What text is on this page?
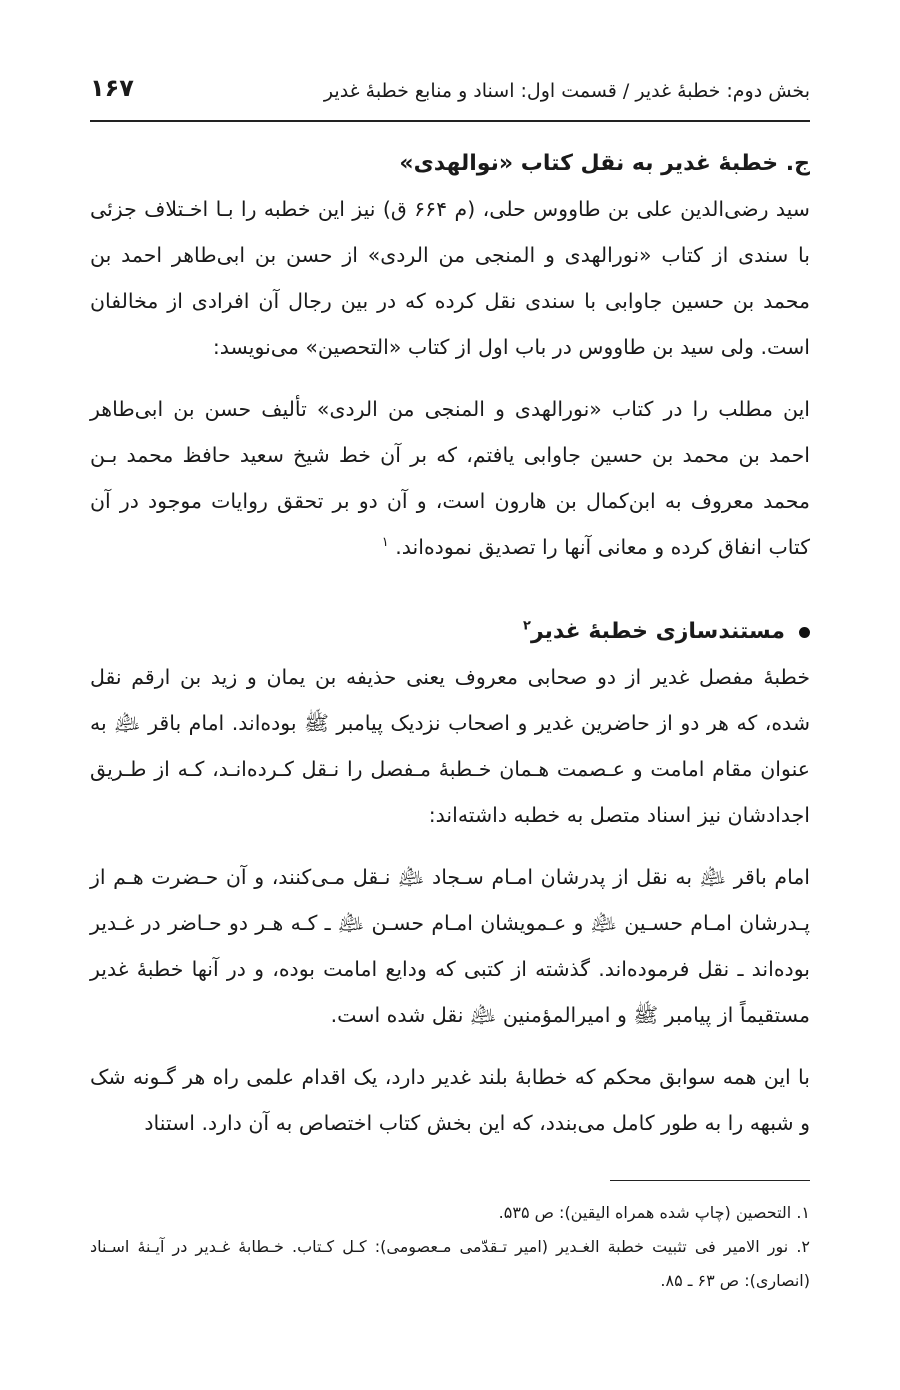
بخش دوم: خطبهٔ غدیر / قسمت اول: اسناد و منابع خطبهٔ غدیر
۱۶۷

ج. خطبهٔ غدیر به نقل کتاب «نوالهدی»

سید رضی‌الدین علی بن طاووس حلی، (م ۶۶۴ ق) نیز این خطبه را بـا اخـتلاف جزئی با سندی از کتاب «نورالهدی و المنجی من الردی» از حسن بن ابی‌طاهر احمد بن محمد بن حسین جاوابی با سندی نقل کرده که در بین رجال آن افرادی از مخالفان است. ولی سید بن طاووس در باب اول از کتاب «التحصین» می‌نویسد:

این مطلب را در کتاب «نورالهدی و المنجی من الردی» تألیف حسن بن ابی‌طاهر احمد بن محمد بن حسین جاوابی یافتم، که بر آن خط شیخ سعید حافظ محمد بـن محمد معروف به ابن‌کمال بن هارون است، و آن دو بر تحقق روایات موجود در آن کتاب انفاق کرده و معانی آنها را تصدیق نموده‌اند. $^۱$

مستندسازی خطبهٔ غدیر$^۲$

خطبهٔ مفصل غدیر از دو صحابی معروف یعنی حذیفه بن یمان و زید بن ارقم نقل شده، که هر دو از حاضرین غدیر و اصحاب نزدیک پیامبر ﷺ بوده‌اند. امام باقر ﵇ به عنوان مقام امامت و عـصمت هـمان خـطبهٔ مـفصل را نـقل کـرده‌انـد، کـه از طـریق اجدادشان نیز اسناد متصل به خطبه داشته‌اند:

امام باقر ﵇ به نقل از پدرشان امـام سـجاد ﵇ نـقل مـی‌کنند، و آن حـضرت هـم از پـدرشان امـام حسـین ﵇ و عـمویشان امـام حسـن ﵇ ـ کـه هـر دو حـاضر در غـدیر بوده‌اند ـ نقل فرموده‌اند. گذشته از کتبی که ودایع امامت بوده، و در آنها خطبهٔ غدیر مستقیماً از پیامبر ﷺ و امیرالمؤمنین ﵇ نقل شده است.

با این همه سوابق محکم که خطابهٔ بلند غدیر دارد، یک اقدام علمی راه هر گـونه شک و شبهه را به طور کامل می‌بندد، که این بخش کتاب اختصاص به آن دارد. استناد

۱. التحصین (چاپ شده همراه الیقین): ص ۵۳۵.

۲. نور الامیر فی تثبیت خطبة الغـدیر (امیر تـقدّمی مـعصومی): کـل کـتاب. خـطابهٔ غـدیر در آیـنهٔ اسـناد (انصاری): ص ۶۳ ـ ۸۵.
